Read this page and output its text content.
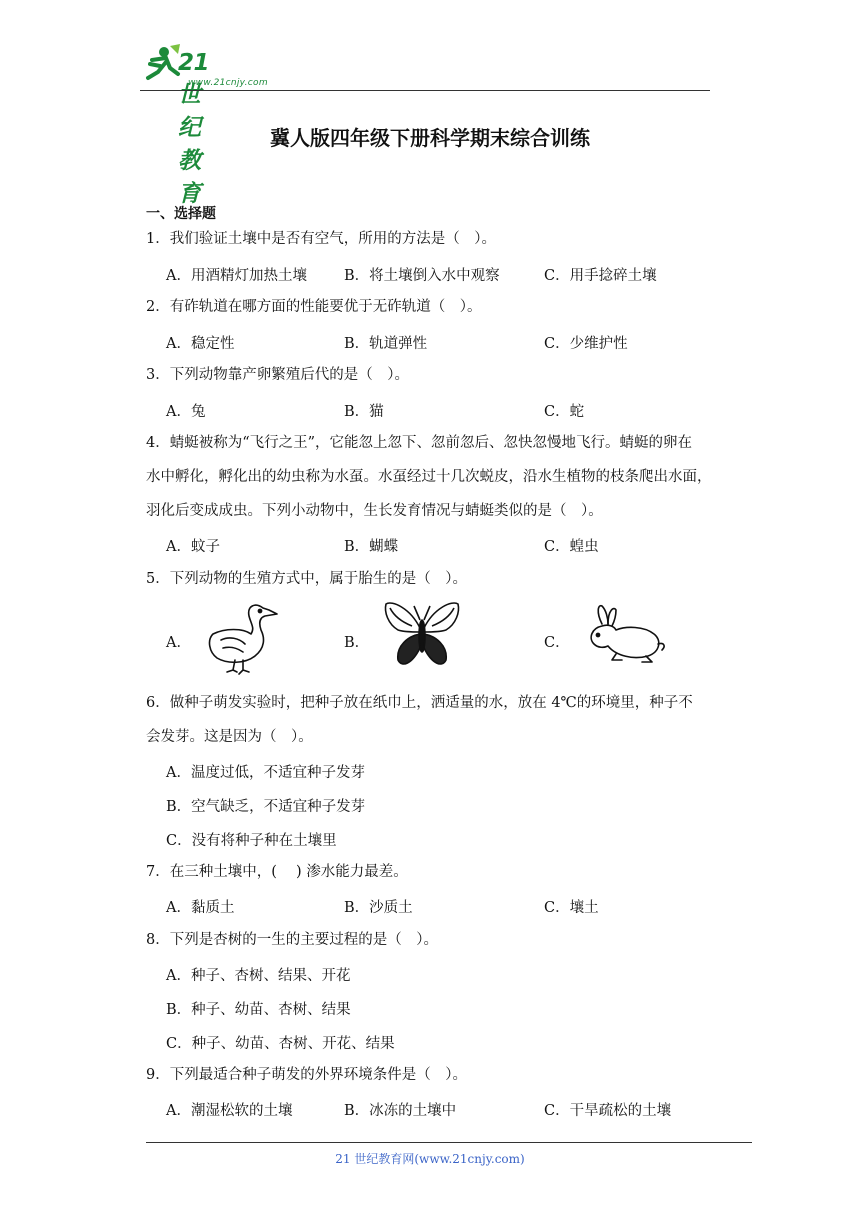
21世纪教育
www.21cnjy.com
冀人版四年级下册科学期末综合训练
一、选择题
1．我们验证土壤中是否有空气，所用的方法是（　）。
A．用酒精灯加热土壤	B．将土壤倒入水中观察	C．用手捻碎土壤
2．有砟轨道在哪方面的性能要优于无砟轨道（　）。
A．稳定性	B．轨道弹性	C．少维护性
3．下列动物靠产卵繁殖后代的是（　）。
A．兔	B．猫	C．蛇
4．蜻蜓被称为“飞行之王”，它能忽上忽下、忽前忽后、忽快忽慢地飞行。蜻蜓的卵在
水中孵化，孵化出的幼虫称为水虿。水虿经过十几次蜕皮，沿水生植物的枝条爬出水面，
羽化后变成成虫。下列小动物中，生长发育情况与蜻蜓类似的是（　）。
A．蚊子	B．蝴蝶	C．蝗虫
5．下列动物的生殖方式中，属于胎生的是（　）。
A．	B．	C．
6．做种子萌发实验时，把种子放在纸巾上，洒适量的水，放在 4℃的环境里，种子不
会发芽。这是因为（　）。
A．温度过低，不适宜种子发芽
B．空气缺乏，不适宜种子发芽
C．没有将种子种在土壤里
7．在三种土壤中，(　 ) 渗水能力最差。
A．黏质土	B．沙质土	C．壤土
8．下列是杏树的一生的主要过程的是（　）。
A．种子、杏树、结果、开花
B．种子、幼苗、杏树、结果
C．种子、幼苗、杏树、开花、结果
9．下列最适合种子萌发的外界环境条件是（　）。
A．潮湿松软的土壤	B．冰冻的土壤中	C．干旱疏松的土壤
21 世纪教育网(www.21cnjy.com)
